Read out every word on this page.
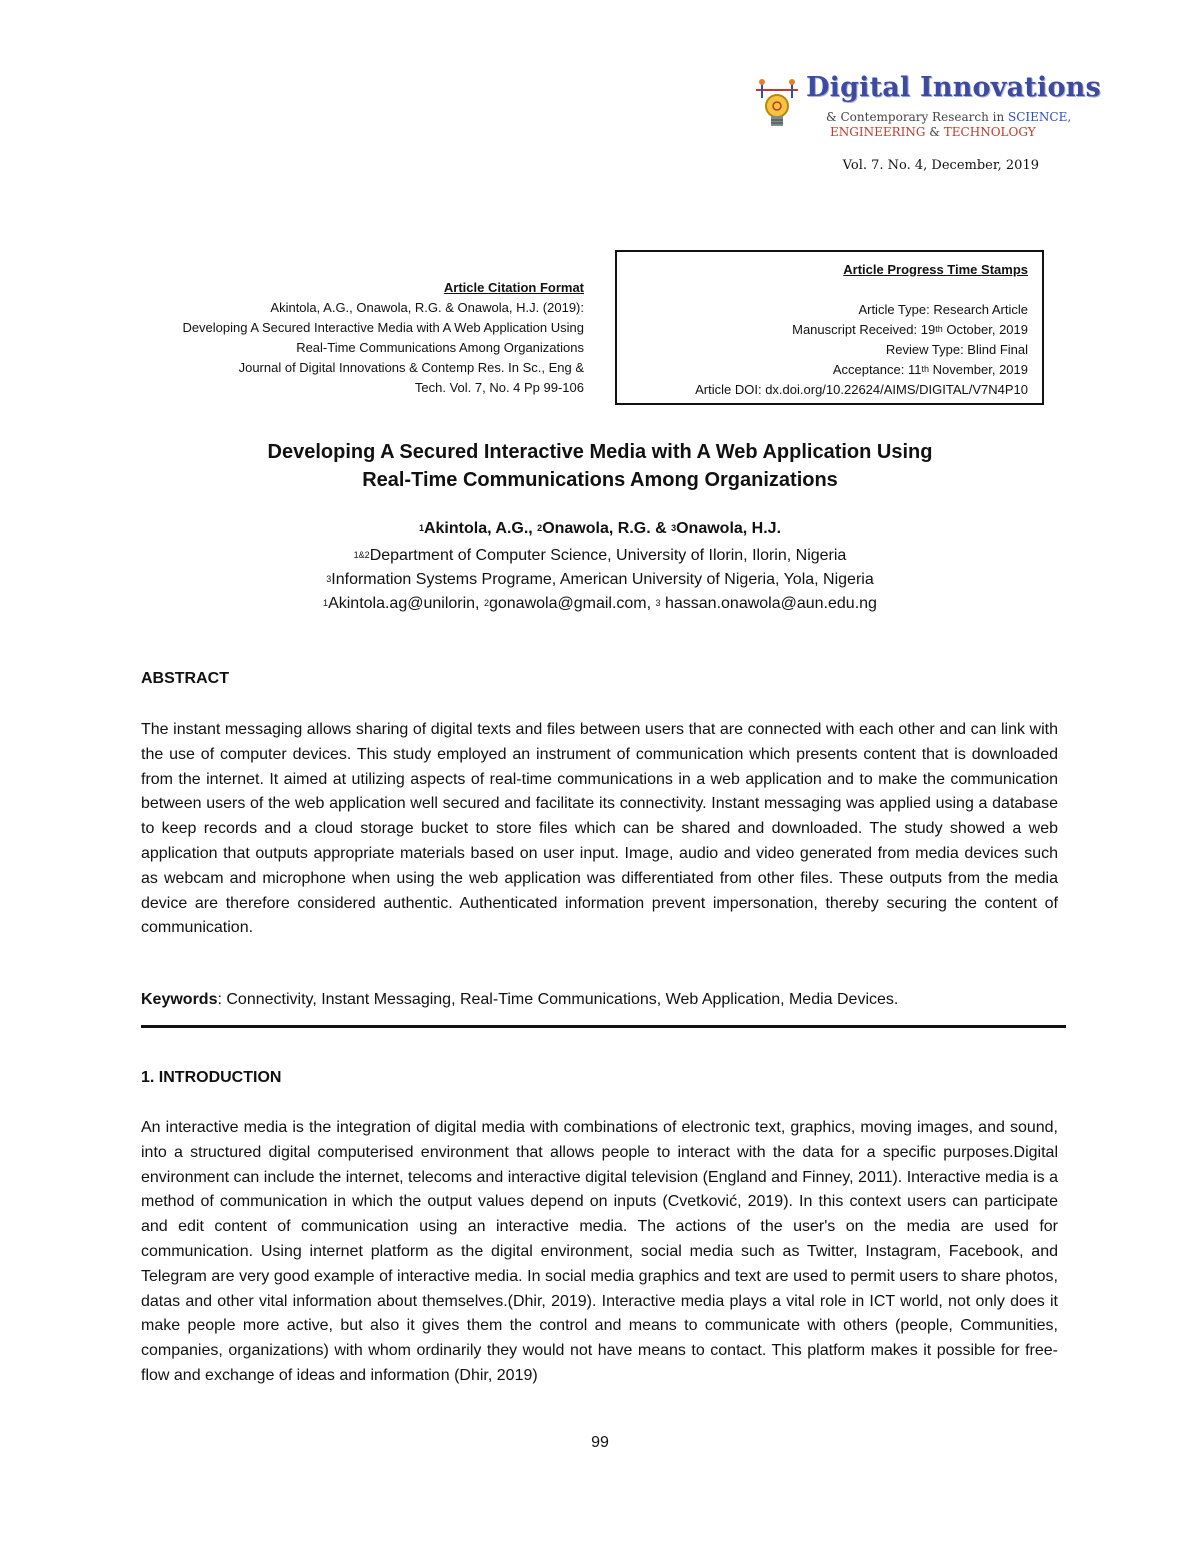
Digital Innovations
& Contemporary Research in SCIENCE,
ENGINEERING & TECHNOLOGY
Vol. 7. No. 4, December, 2019
Article Citation Format
Akintola, A.G., Onawola, R.G. & Onawola, H.J. (2019):
Developing A Secured Interactive Media with A Web Application Using
Real-Time Communications Among Organizations
Journal of Digital Innovations & Contemp Res. In Sc., Eng &
Tech. Vol. 7, No. 4 Pp 99-106
Article Progress Time Stamps
Article Type: Research Article
Manuscript Received: 19th October, 2019
Review Type: Blind Final
Acceptance: 11th November, 2019
Article DOI: dx.doi.org/10.22624/AIMS/DIGITAL/V7N4P10
Developing A Secured Interactive Media with A Web Application Using
Real-Time Communications Among Organizations
$^1$Akintola, A.G., $^2$Onawola, R.G. & $^3$Onawola, H.J.
$^{1\&2}$Department of Computer Science, University of Ilorin, Ilorin, Nigeria
$^3$Information Systems Programe, American University of Nigeria, Yola, Nigeria
$^1$Akintola.ag@unilorin, $^2$gonawola@gmail.com, $^3$ hassan.onawola@aun.edu.ng
ABSTRACT
The instant messaging allows sharing of digital texts and files between users that are connected with each other and can link with the use of computer devices. This study employed an instrument of communication which presents content that is downloaded from the internet. It aimed at utilizing aspects of real-time communications in a web application and to make the communication between users of the web application well secured and facilitate its connectivity. Instant messaging was applied using a database to keep records and a cloud storage bucket to store files which can be shared and downloaded. The study showed a web application that outputs appropriate materials based on user input. Image, audio and video generated from media devices such as webcam and microphone when using the web application was differentiated from other files. These outputs from the media device are therefore considered authentic. Authenticated information prevent impersonation, thereby securing the content of communication.
Keywords: Connectivity, Instant Messaging, Real-Time Communications, Web Application, Media Devices.
1. INTRODUCTION
An interactive media is the integration of digital media with combinations of electronic text, graphics, moving images, and sound, into a structured digital computerised environment that allows people to interact with the data for a specific purposes.Digital environment can include the internet, telecoms and interactive digital television (England and Finney, 2011). Interactive media is a method of communication in which the output values depend on inputs (Cvetković, 2019). In this context users can participate and edit content of communication using an interactive media. The actions of the user's on the media are used for communication. Using internet platform as the digital environment, social media such as Twitter, Instagram, Facebook, and Telegram are very good example of interactive media. In social media graphics and text are used to permit users to share photos, datas and other vital information about themselves.(Dhir, 2019). Interactive media plays a vital role in ICT world, not only does it make people more active, but also it gives them the control and means to communicate with others (people, Communities, companies, organizations) with whom ordinarily they would not have means to contact. This platform makes it possible for free-flow and exchange of ideas and information (Dhir, 2019)
99
